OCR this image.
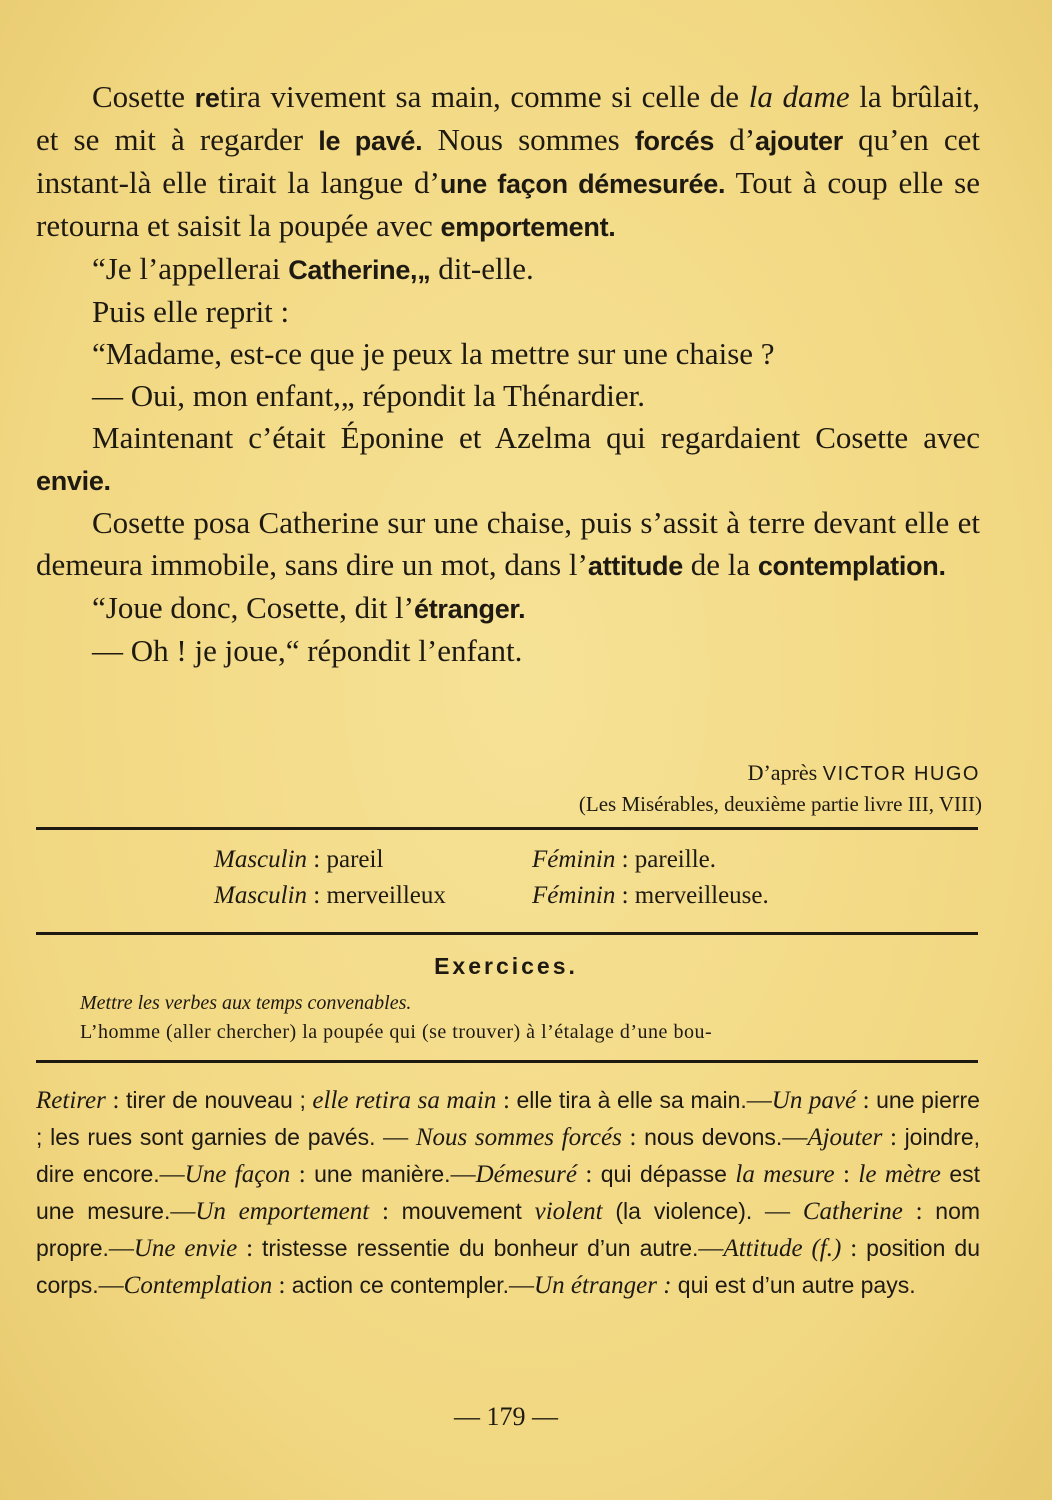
Cosette retira vivement sa main, comme si celle de la dame la brûlait, et se mit à regarder le pavé. Nous sommes forcés d’ajouter qu’en cet instant-là elle tirait la langue d’une façon démesurée. Tout à coup elle se retourna et saisit la poupée avec emportement.

“Je l’appellerai Catherine,„ dit-elle.

Puis elle reprit :

“Madame, est-ce que je peux la mettre sur une chaise ?

— Oui, mon enfant,„ répondit la Thénardier.

Maintenant c’était Éponine et Azelma qui regardaient Cosette avec envie.

Cosette posa Catherine sur une chaise, puis s’assit à terre devant elle et demeura immobile, sans dire un mot, dans l’attitude de la contemplation.

“Joue donc, Cosette, dit l’étranger.

— Oh ! je joue,“ répondit l’enfant.

D’après VICTOR HUGO
(Les Misérables, deuxième partie livre III, VIII)
Masculin : pareil	Féminin : pareille.
Masculin : merveilleux	Féminin : merveilleuse.
Exercices.
Mettre les verbes aux temps convenables.
L’homme (aller chercher) la poupée qui (se trouver) à l’étalage d’une bou-
Retirer : tirer de nouveau ; elle retira sa main : elle tira à elle sa main.—Un pavé : une pierre ; les rues sont garnies de pavés. — Nous sommes forcés : nous devons.—Ajouter : joindre, dire encore.—Une façon : une manière.—Démesuré : qui dépasse la mesure : le mètre est une mesure.—Un emportement : mouvement violent (la violence). — Catherine : nom propre.—Une envie : tristesse ressentie du bonheur d’un autre.—Attitude (f.) : position du corps.—Contemplation : action ce contempler.—Un étranger : qui est d’un autre pays.
— 179 —
